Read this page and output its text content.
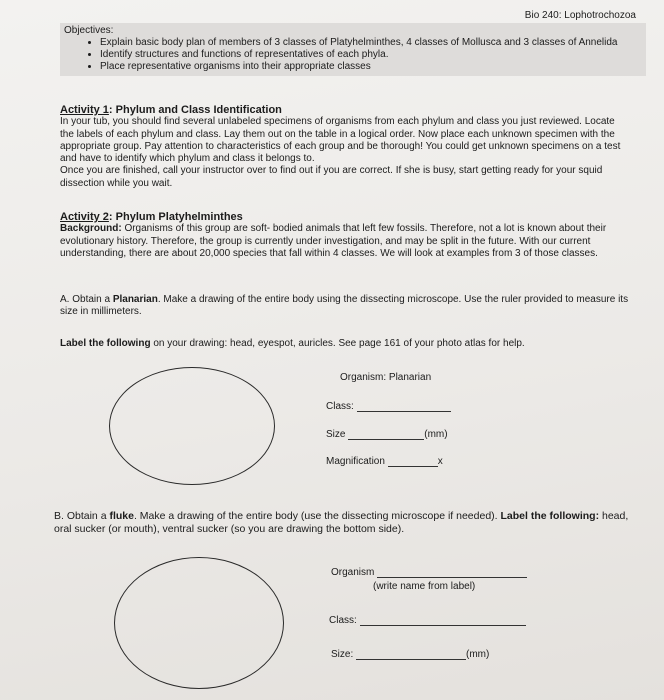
Bio 240: Lophotrochozoa
Objectives:
• Explain basic body plan of members of 3 classes of Platyhelminthes, 4 classes of Mollusca and 3 classes of Annelida
• Identify structures and functions of representatives of each phyla.
• Place representative organisms into their appropriate classes
Activity 1: Phylum and Class Identification
In your tub, you should find several unlabeled specimens of organisms from each phylum and class you just reviewed. Locate the labels of each phylum and class. Lay them out on the table in a logical order. Now place each unknown specimen with the appropriate group. Pay attention to characteristics of each group and be thorough! You could get unknown specimens on a test and have to identify which phylum and class it belongs to.
Once you are finished, call your instructor over to find out if you are correct. If she is busy, start getting ready for your squid dissection while you wait.
Activity 2: Phylum Platyhelminthes
Background: Organisms of this group are soft- bodied animals that left few fossils. Therefore, not a lot is known about their evolutionary history. Therefore, the group is currently under investigation, and may be split in the future. With our current understanding, there are about 20,000 species that fall within 4 classes. We will look at examples from 3 of those classes.
A. Obtain a Planarian. Make a drawing of the entire body using the dissecting microscope. Use the ruler provided to measure its size in millimeters.
Label the following on your drawing: head, eyespot, auricles. See page 161 of your photo atlas for help.
Organism: Planarian
Class:
Size	(mm)
Magnification	x
B. Obtain a fluke. Make a drawing of the entire body (use the dissecting microscope if needed). Label the following: head, oral sucker (or mouth), ventral sucker (so you are drawing the bottom side).
Organism
(write name from label)
Class:
Size:	(mm)
